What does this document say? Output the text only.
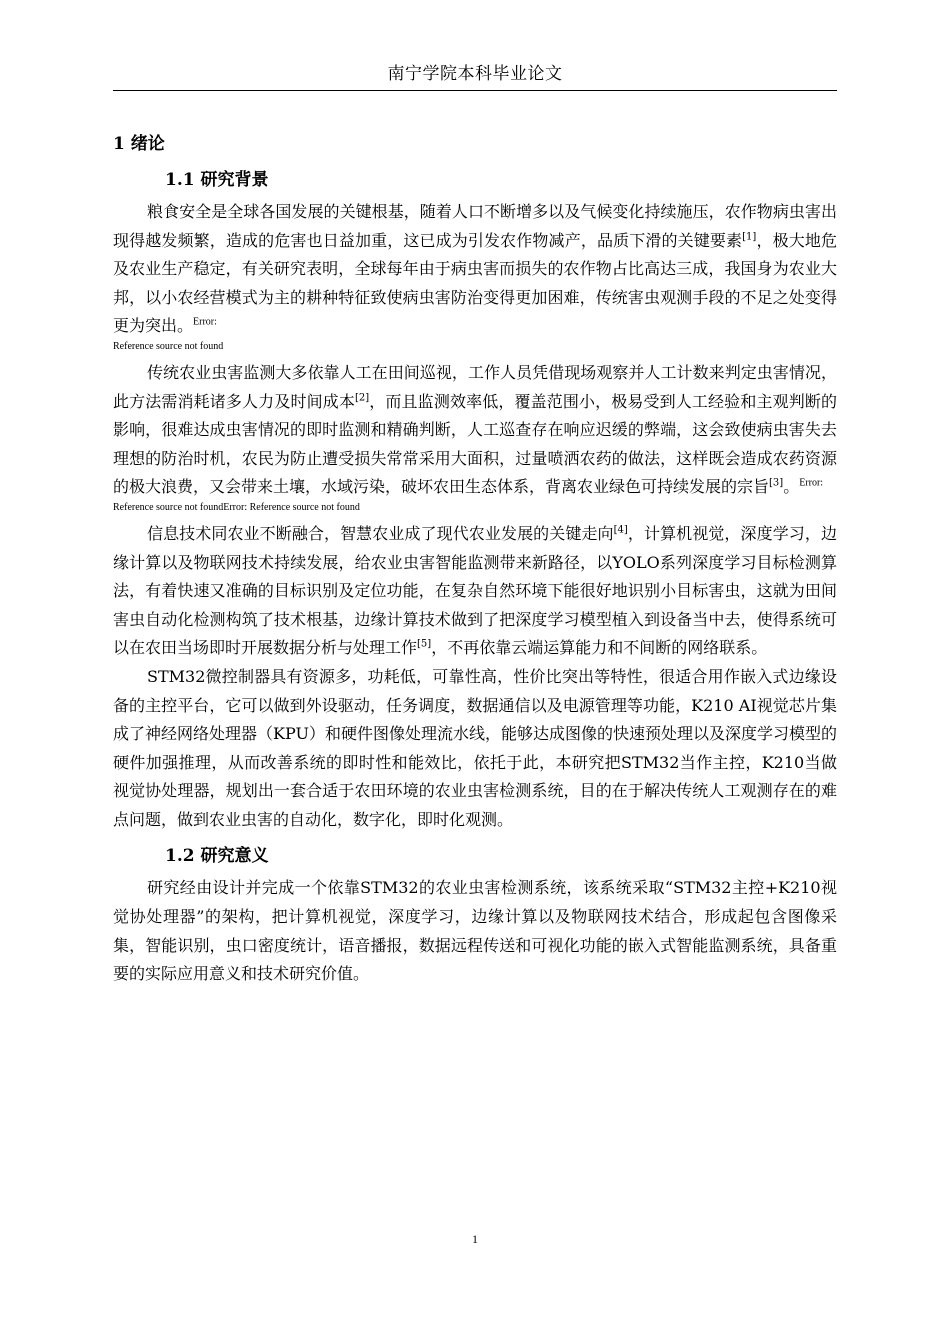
南宁学院本科毕业论文
1 绪论
1.1 研究背景

粮食安全是全球各国发展的关键根基，随着人口不断增多以及气候变化持续施压，农作物病虫害出现得越发频繁，造成的危害也日益加重，这已成为引发农作物减产，品质下滑的关键要素[1]，极大地危及农业生产稳定，有关研究表明，全球每年由于病虫害而损失的农作物占比高达三成，我国身为农业大邦，以小农经营模式为主的耕种特征致使病虫害防治变得更加困难，传统害虫观测手段的不足之处变得更为突出。$^{Error:}$

Reference source not found

传统农业虫害监测大多依靠人工在田间巡视，工作人员凭借现场观察并人工计数来判定虫害情况，此方法需消耗诸多人力及时间成本[2]，而且监测效率低，覆盖范围小，极易受到人工经验和主观判断的影响，很难达成虫害情况的即时监测和精确判断，人工巡查存在响应迟缓的弊端，这会致使病虫害失去理想的防治时机，农民为防止遭受损失常常采用大面积，过量喷洒农药的做法，这样既会造成农药资源的极大浪费，又会带来土壤，水域污染，破坏农田生态体系，背离农业绿色可持续发展的宗旨[3]。$^{Error:}$

Reference source not foundError: Reference source not found

信息技术同农业不断融合，智慧农业成了现代农业发展的关键走向[4]，计算机视觉，深度学习，边缘计算以及物联网技术持续发展，给农业虫害智能监测带来新路径，以YOLO系列深度学习目标检测算法，有着快速又准确的目标识别及定位功能，在复杂自然环境下能很好地识别小目标害虫，这就为田间害虫自动化检测构筑了技术根基，边缘计算技术做到了把深度学习模型植入到设备当中去，使得系统可以在农田当场即时开展数据分析与处理工作[5]，不再依靠云端运算能力和不间断的网络联系。

STM32微控制器具有资源多，功耗低，可靠性高，性价比突出等特性，很适合用作嵌入式边缘设备的主控平台，它可以做到外设驱动，任务调度，数据通信以及电源管理等功能，K210 AI视觉芯片集成了神经网络处理器（KPU）和硬件图像处理流水线，能够达成图像的快速预处理以及深度学习模型的硬件加强推理，从而改善系统的即时性和能效比，依托于此，本研究把STM32当作主控，K210当做视觉协处理器，规划出一套合适于农田环境的农业虫害检测系统，目的在于解决传统人工观测存在的难点问题，做到农业虫害的自动化，数字化，即时化观测。

1.2 研究意义

研究经由设计并完成一个依靠STM32的农业虫害检测系统，该系统采取“STM32主控+K210视觉协处理器”的架构，把计算机视觉，深度学习，边缘计算以及物联网技术结合，形成起包含图像采集，智能识别，虫口密度统计，语音播报，数据远程传送和可视化功能的嵌入式智能监测系统，具备重要的实际应用意义和技术研究价值。

1
